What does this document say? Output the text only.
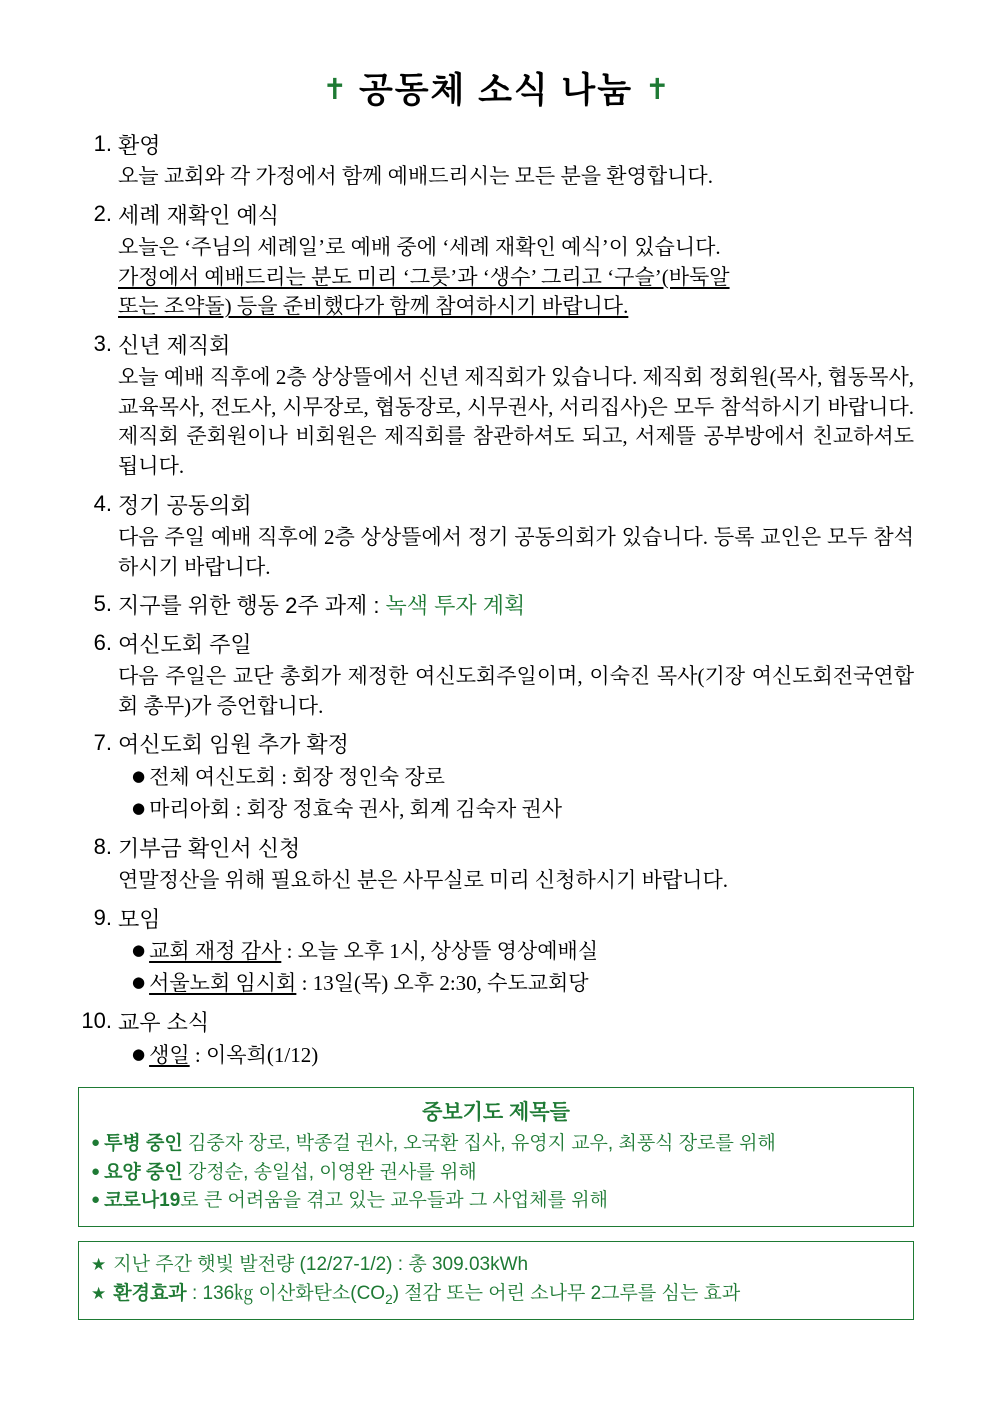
✝ 공동체 소식 나눔 ✝
1. 환영
오늘 교회와 각 가정에서 함께 예배드리시는 모든 분을 환영합니다.
2. 세례 재확인 예식
오늘은 ‘주님의 세례일’로 예배 중에 ‘세례 재확인 예식’이 있습니다.
가정에서 예배드리는 분도 미리 ‘그릇’과 ‘생수’ 그리고 ‘구슬’(바둑알
또는 조약돌) 등을 준비했다가 함께 참여하시기 바랍니다.
3. 신년 제직회
오늘 예배 직후에 2층 상상뜰에서 신년 제직회가 있습니다. 제직회 정회원(목사, 협동목사, 교육목사, 전도사, 시무장로, 협동장로, 시무권사, 서리집사)은 모두 참석하시기 바랍니다. 제직회 준회원이나 비회원은 제직회를 참관하셔도 되고, 서제뜰 공부방에서 친교하셔도 됩니다.
4. 정기 공동의회
다음 주일 예배 직후에 2층 상상뜰에서 정기 공동의회가 있습니다. 등록 교인은 모두 참석하시기 바랍니다.
5. 지구를 위한 행동 2주 과제 : 녹색 투자 계획
6. 여신도회 주일
다음 주일은 교단 총회가 제정한 여신도회주일이며, 이숙진 목사(기장 여신도회전국연합회 총무)가 증언합니다.
7. 여신도회 임원 추가 확정
● 전체 여신도회 : 회장 정인숙 장로
● 마리아회 : 회장 정효숙 권사, 회계 김숙자 권사
8. 기부금 확인서 신청
연말정산을 위해 필요하신 분은 사무실로 미리 신청하시기 바랍니다.
9. 모임
● 교회 재정 감사 : 오늘 오후 1시, 상상뜰 영상예배실
● 서울노회 임시회 : 13일(목) 오후 2:30, 수도교회당
10. 교우 소식
● 생일 : 이옥희(1/12)
중보기도 제목들
● 투병 중인 김중자 장로, 박종걸 권사, 오국환 집사, 유영지 교우, 최풍식 장로를 위해
● 요양 중인 강정순, 송일섭, 이영완 권사를 위해
● 코로나19로 큰 어려움을 겪고 있는 교우들과 그 사업체를 위해
★ 지난 주간 햇빛 발전량 (12/27-1/2) : 총 309.03kWh
★ 환경효과 : 136㎏ 이산화탄소$(CO_2)$ 절감 또는 어린 소나무 2그루를 심는 효과
